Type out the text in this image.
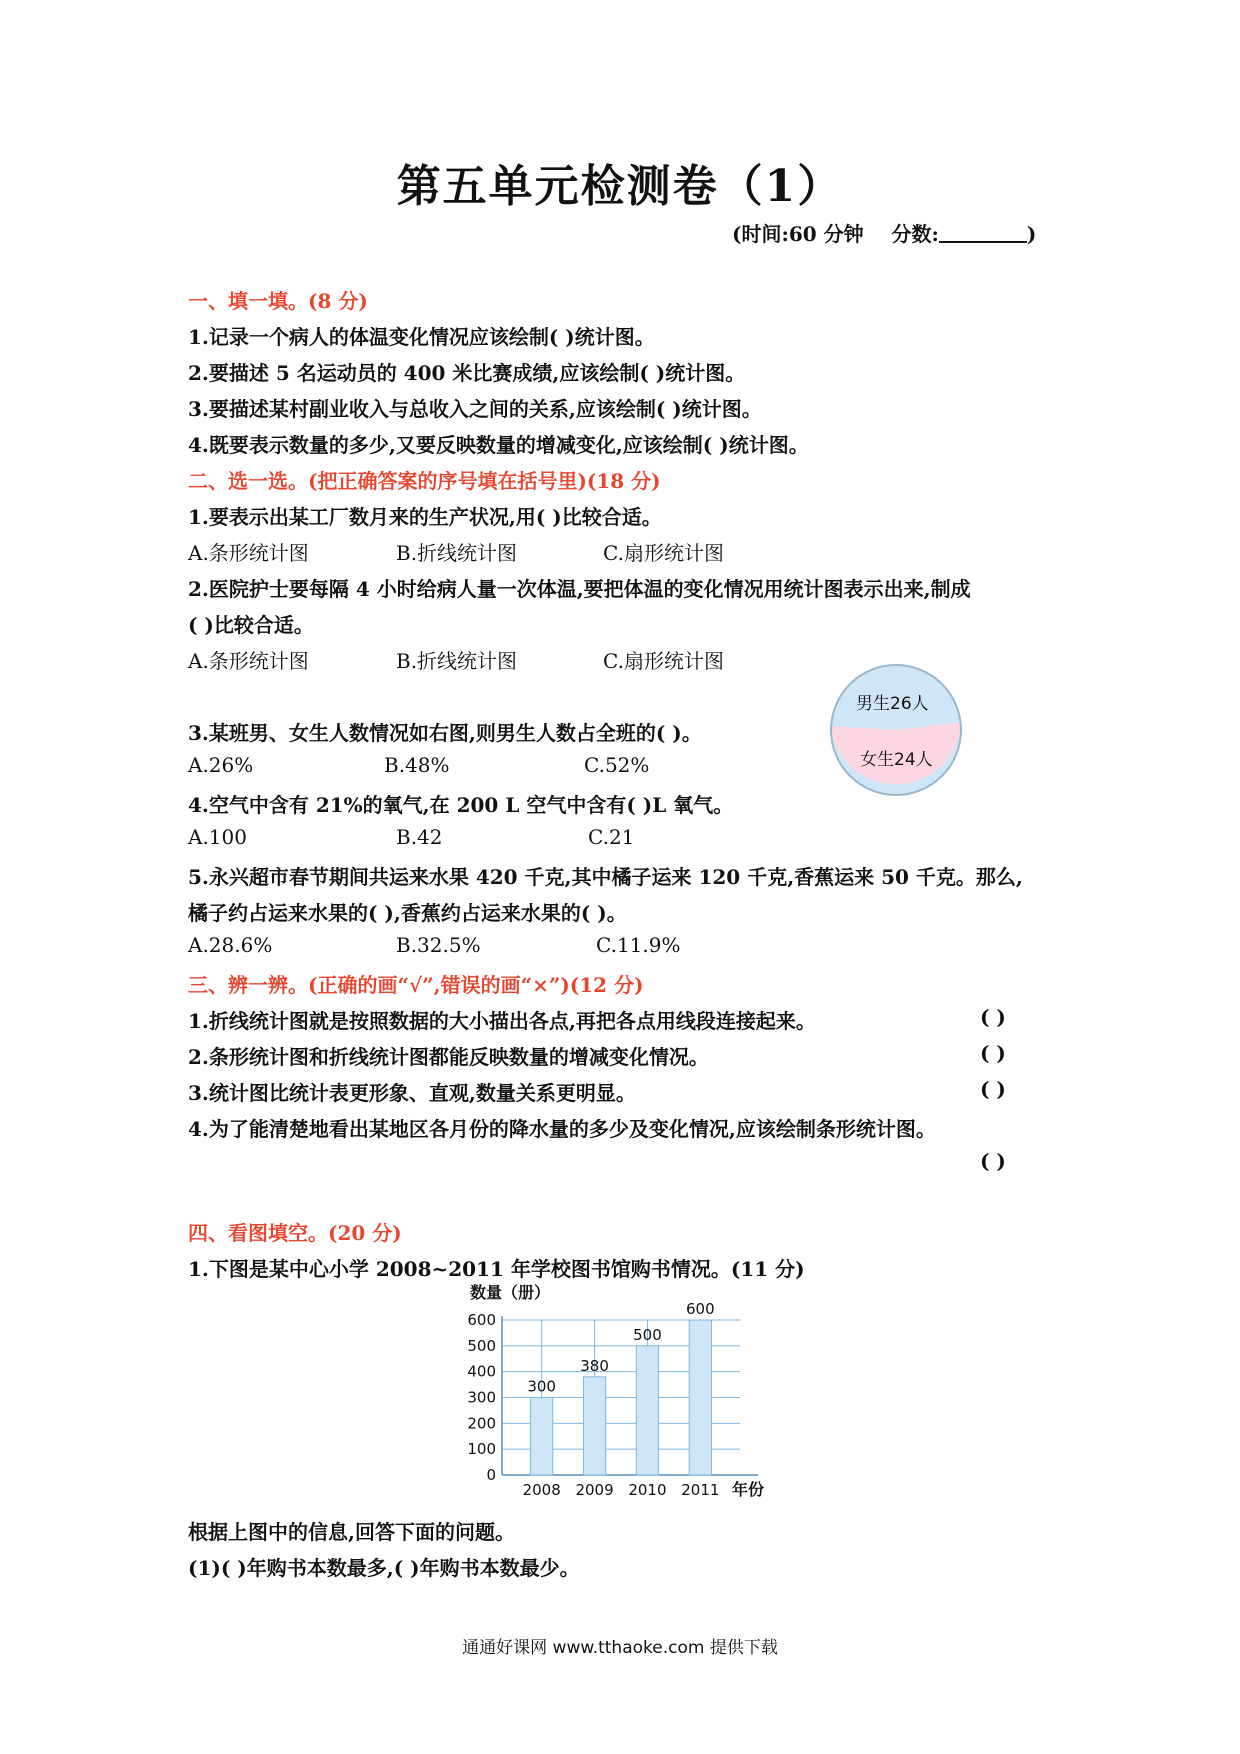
第五单元检测卷（1）
(时间:60 分钟 分数:	)
一、填一填。(8 分)
1.记录一个病人的体温变化情况应该绘制( )统计图。
2.要描述 5 名运动员的 400 米比赛成绩,应该绘制( )统计图。
3.要描述某村副业收入与总收入之间的关系,应该绘制( )统计图。
4.既要表示数量的多少,又要反映数量的增减变化,应该绘制( )统计图。
二、选一选。(把正确答案的序号填在括号里)(18 分)
1.要表示出某工厂数月来的生产状况,用( )比较合适。
A.条形统计图	B.折线统计图	C.扇形统计图
2.医院护士要每隔 4 小时给病人量一次体温,要把体温的变化情况用统计图表示出来,制成
( )比较合适。
A.条形统计图	B.折线统计图	C.扇形统计图
3.某班男、女生人数情况如右图,则男生人数占全班的( )。
A.26%	B.48%	C.52%
男生26人
女生24人
4.空气中含有 21%的氧气,在 200 L 空气中含有( )L 氧气。
A.100	B.42	C.21
5.永兴超市春节期间共运来水果 420 千克,其中橘子运来 120 千克,香蕉运来 50 千克。那么,
橘子约占运来水果的( ),香蕉约占运来水果的( )。
A.28.6%	B.32.5%	C.11.9%
三、辨一辨。(正确的画“√”,错误的画“×”)(12 分)
1.折线统计图就是按照数据的大小描出各点,再把各点用线段连接起来。	( )
2.条形统计图和折线统计图都能反映数量的增减变化情况。	( )
3.统计图比统计表更形象、直观,数量关系更明显。	( )
4.为了能清楚地看出某地区各月份的降水量的多少及变化情况,应该绘制条形统计图。
( )
四、看图填空。(20 分)
1.下图是某中心小学 2008~2011 年学校图书馆购书情况。(11 分)
数量（册）
年份
0
100
200
300
400
500
600
300
2008
380
2009
500
2010
600
2011
根据上图中的信息,回答下面的问题。
(1)( )年购书本数最多,( )年购书本数最少。
通通好课网 www.tthaoke.com 提供下载
